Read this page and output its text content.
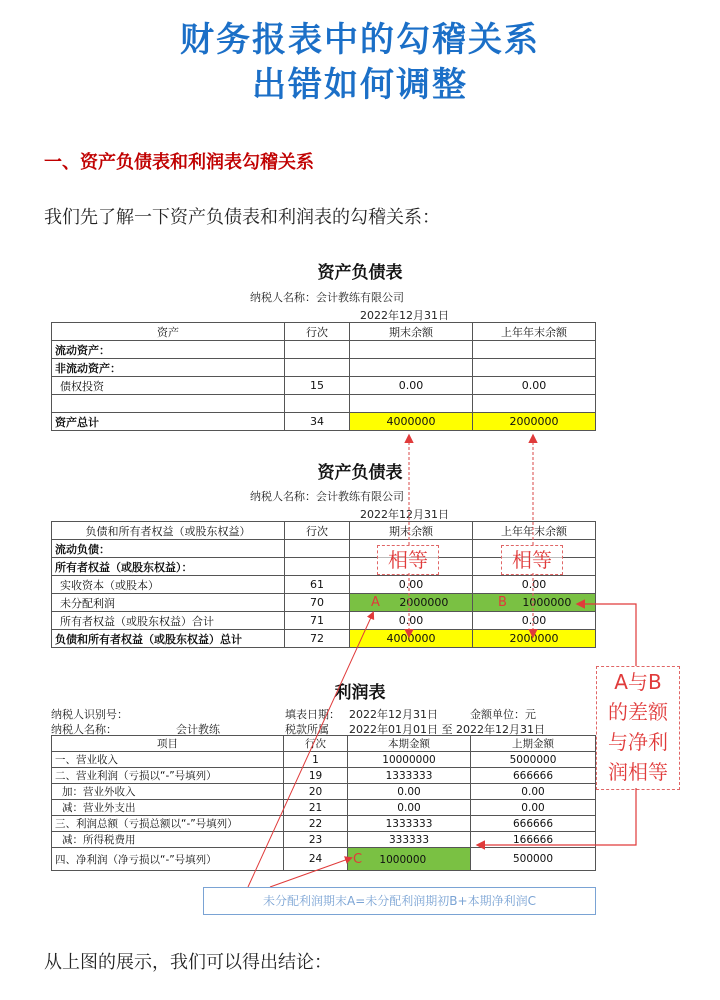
财务报表中的勾稽关系
出错如何调整
一、资产负债表和利润表勾稽关系
我们先了解一下资产负债表和利润表的勾稽关系：
资产负债表
纳税人名称：会计教练有限公司
2022年12月31日
资产	行次	期末余额	上年年末余额
流动资产：			
非流动资产：			
债权投资	15	0.00	0.00

资产总计	34	4000000	2000000
资产负债表
纳税人名称：会计教练有限公司
2022年12月31日
负债和所有者权益（或股东权益）	行次	期末余额	上年年末余额
流动负债：			
所有者权益（或股东权益）：			
实收资本（或股本）	61	0.00	0.00
未分配利润	70	A 2000000	B 1000000
所有者权益（或股东权益）合计	71	0.00	0.00
负债和所有者权益（或股东权益）总计	72	4000000	2000000
相等	相等
利润表
纳税人识别号：
纳税人名称：	会计教练
填表日期： 2022年12月31日	金额单位：元
税款所属 2022年01月01日 至 2022年12月31日
项目	行次	本期金额	上期金额
一、营业收入	1	10000000	5000000
二、营业利润（亏损以“-”号填列）	19	1333333	666666
加：营业外收入	20	0.00	0.00
减：营业外支出	21	0.00	0.00
三、利润总额（亏损总额以“-”号填列）	22	1333333	666666
减：所得税费用	23	333333	166666
四、净利润（净亏损以“-”号填列）	24	C 1000000	500000
A与B
的差额
与净利
润相等
未分配利润期末A=未分配利润期初B+本期净利润C
从上图的展示，我们可以得出结论：
